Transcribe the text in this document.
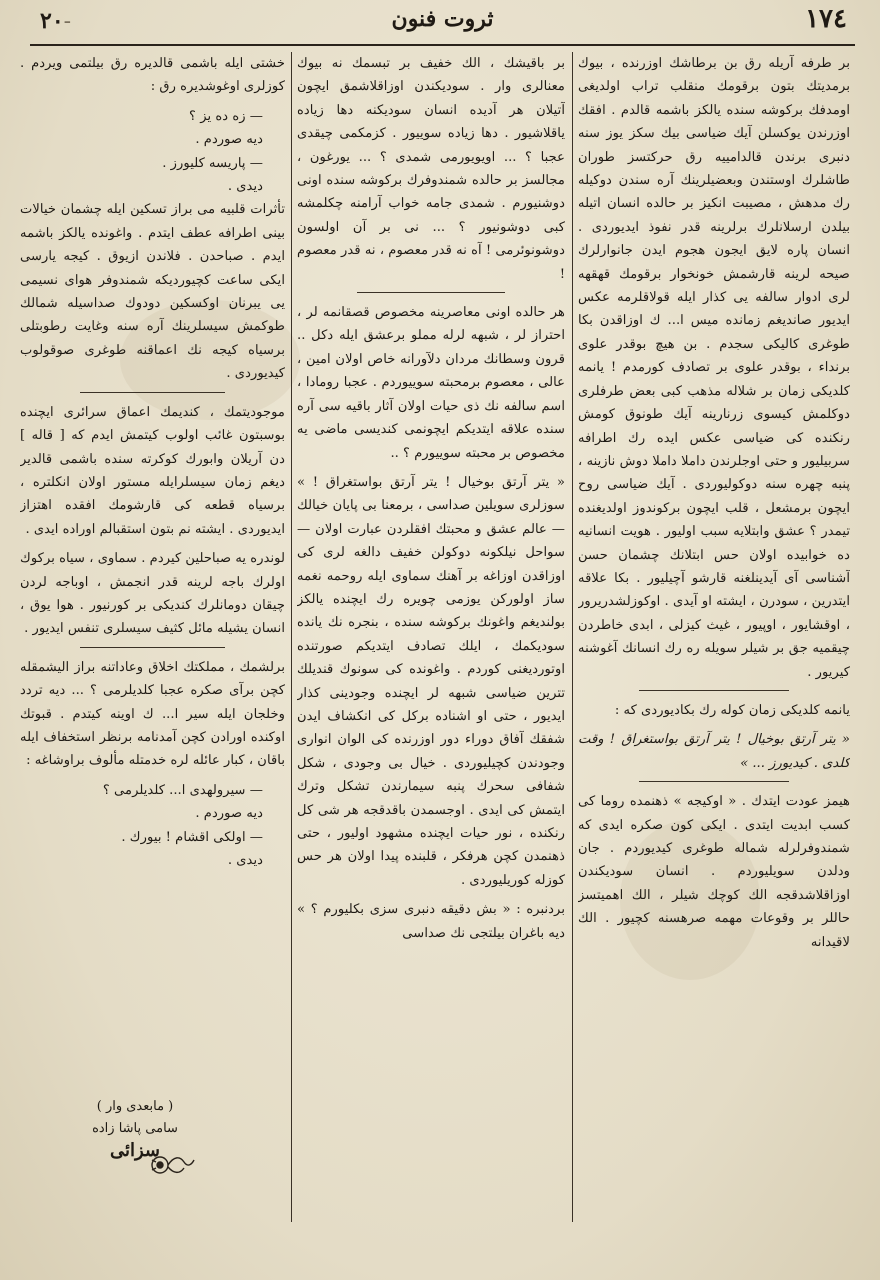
١٧٤
ثروت فنون
٢٠-

بر طرفه آريله رق بن برطاشك اوزرنده ، بيوك برمديتك بتون برقومك منقلب تراب اولديغى اومدفك بركوشه سنده يالكز باشمه قالدم . افقك اوزرندن يوكسلن آيك ضياسى بيك سكز يوز سنه دنبرى برندن قالدامييه رق حركتسز طوران طاشلرك اوستندن وبعضيلرينك آره سندن دوكيله رك مدهش ، مصيبت انكيز بر حالده انسان اتيله بيلدن ارسلانلرك برلرينه قدر نفوذ ايديوردى . انسان پاره لايق ايجون هجوم ايدن جانوارلرك صيحه لرينه قارشمش خونخوار برقومك قهقهه لرى ادوار سالفه يى كذار ايله قولاقلرمه عكس ايديور صانديغم زمانده ميس ا... ك اوزاقدن بكا طوغرى كاليكى سجدم . بن هيچ بوقدر علوى برنداء ، بوقدر علوى بر تصادف كورمدم ! يانمه كلديكى زمان بر شلاله مذهب كبى بعض طرفلرى دوكلمش كيسوى زرنارينه آيك طونوق كومش رنكنده كى ضياسى عكس ايده رك اطرافه سربيليور و حتى اوجلرندن داملا داملا دوش نازينه ، پنبه چهره سنه دوكوليوردى . آيك ضياسى روح ايچون برمشعل ، قلب ايچون بركوندوز اولديغنده تيمدر ؟ عشق وابتلايه سبب اوليور . هويت انسانيه ده خوابيده اولان حس ابتلانك چشمان حسن آشناسى آى آيدينلغنه قارشو آچيليور . بكا علاقه ايتدرين ، سودرن ، ايشته او آيدى . اوكوزلشدريرور ، اوقشايور ، اوپيور ، غيث كيزلى ، ابدى خاطردن چيقميه جق بر شيلر سويله ره رك انسانك آغوشنه كيريور .

يانمه كلديكى زمان كوله رك بكاديوردى كه :

« يتر آرتق بوخيال ! يتر آرتق بواستغراق ! وقت كلدى . كيديورز ... »

هيمز عودت ايتدك . « اوكيجه » ذهنمده روما كى كسب ابديت ايتدى . ايكى كون صكره ايدى كه شمندوفرلرله شماله طوغرى كيديوردم . جان ودلدن سويليوردم . انسان سوديكندن اوزاقلاشدقجه الك كوچك شيلر ، الك اهميتسز حاللر بر وقوعات مهمه صرهسنه كچيور . الك لاقيدانه

بر باقيشك ، الك خفيف بر تبسمك نه بيوك معنالرى وار . سوديكندن اوزاقلاشمق ايچون آتيلان هر آديده انسان سوديكنه دها زياده ياقلاشيور . دها زياده سوييور . كزمكمى چيقدى عجبا ؟ ... اويويورمى شمدى ؟ ... يورغون ، مجالسز بر حالده شمندوفرك بركوشه سنده اونى دوشنيورم . شمدى جامه خواب آرامنه چكلمشه كبى دوشونيور ؟ ... نى بر آن اولسون دوشونوئرمى ! آه نه قدر معصوم ، نه قدر معصوم !

هر حالده اونى معاصرينه مخصوص قصقانمه لر ، احتراز لر ، شبهه لرله مملو برعشق ايله دكل .. قرون وسطانك مردان دلآورانه خاص اولان امين ، عالى ، معصوم برمحبته سوييوردم . عجبا رومادا ، اسم سالفه نك ذى حيات اولان آثار باقيه سى آره سنده علاقه ايتديكم ايچونمى كنديسى ماضى يه مخصوص بر محبته سوييورم ؟ ..

« يتر آرتق بوخيال ! يتر آرتق بواستغراق ! » سوزلرى سويلين صداسى ، برمعنا بى پايان خيالك — عالم عشق و محبتك افقلردن عبارت اولان — سواحل نيلكونه دوكولن خفيف دالغه لرى كى اوزاقدن اوزاغه بر آهنك سماوى ايله روحمه نغمه ساز اولوركن يوزمى چويره رك ايچنده يالكز بولنديغم واغونك بركوشه سنده ، بنجره نك يانده سوديكمك ، ايلك تصادف ايتديكم صورتنده اوتورديغنى كوردم . واغونده كى سونوك قنديلك تترين ضياسى شبهه لر ايچنده وجودينى كذار ايديور ، حتى او اشناده بركل كى انكشاف ايدن شفقك آفاق دوراء دور اوزرنده كى الوان انوارى وجودندن كچيليوردى . خيال بى وجودى ، شكل شفافى سحرك پنبه سيمارندن تشكل وترك ايتمش كى ايدى . اوجسمدن باقدقجه هر شى كل رنكنده ، نور حيات ايچنده مشهود اوليور ، حتى ذهنمدن كچن هرفكر ، قلبنده پيدا اولان هر حس كوزله كوريليوردى .

بردنبره : « بش دقيقه دنبرى سزى بكليورم ؟ » ديه باغران بيلتجى نك صداسى

خشتى ايله باشمى قالديره رق بيلتمى ويردم . كوزلرى اوغوشديره رق :

— زه ده يز ؟
ديه صوردم .
— پاريسه كليورز .
ديدى .

تأثرات قلبيه مى براز تسكين ايله چشمان خيالات بينى اطرافه عطف ايتدم . واغونده يالكز باشمه ايدم . صباحدن . فلاندن ازيوق . كيجه يارسى ايكى ساعت كچيورديكه شمندوفر هواى نسيمى يى يبرنان اوكسكين دودوك صداسيله شمالك طوكمش سيسلرينك آره سنه وغايت رطوبتلى برسياه كيجه نك اعماقنه طوغرى صوقولوب كيديوردى .

موجوديتمك ، كنديمك اعماق سرائرى ايچنده بوسبتون غائب اولوب كيتمش ايدم كه [ قاله ] دن آريلان وابورك كوكرته سنده باشمى قالدير ديغم زمان سيسلرايله مستور اولان انكلتره ، برسياه قطعه كى قارشومك افقده اهتزاز ايديوردى . ايشته نم بتون استقبالم اوراده ايدى .

لوندره يه صباحلين كيردم . سماوى ، سياه بركوك اولرك باجه لرينه قدر انجمش ، اوباجه لردن چيقان دومانلرك كنديكى بر كورنيور . هوا يوق ، انسان يشيله مائل كثيف سيسلرى تنفس ايديور .

برلشمك ، مملكتك اخلاق وعاداتنه براز الیشمقله كچن برآى صكره عجبا كلديلرمى ؟ ... ديه تردد وخلجان ايله سير ا... ك اوينه كيتدم . قبوتك اوكنده اورادن كچن آمدنامه برنظر استخفاف ايله باقان ، كبار عائله لره خدمتله مألوف براوشاغه :

— سيرولهدى ا... كلديلرمى ؟
ديه صوردم .
— اولكى اقشام ! بيورك .
ديدى .
( مابعدى وار )
سامى پاشا زاده
سزائى
